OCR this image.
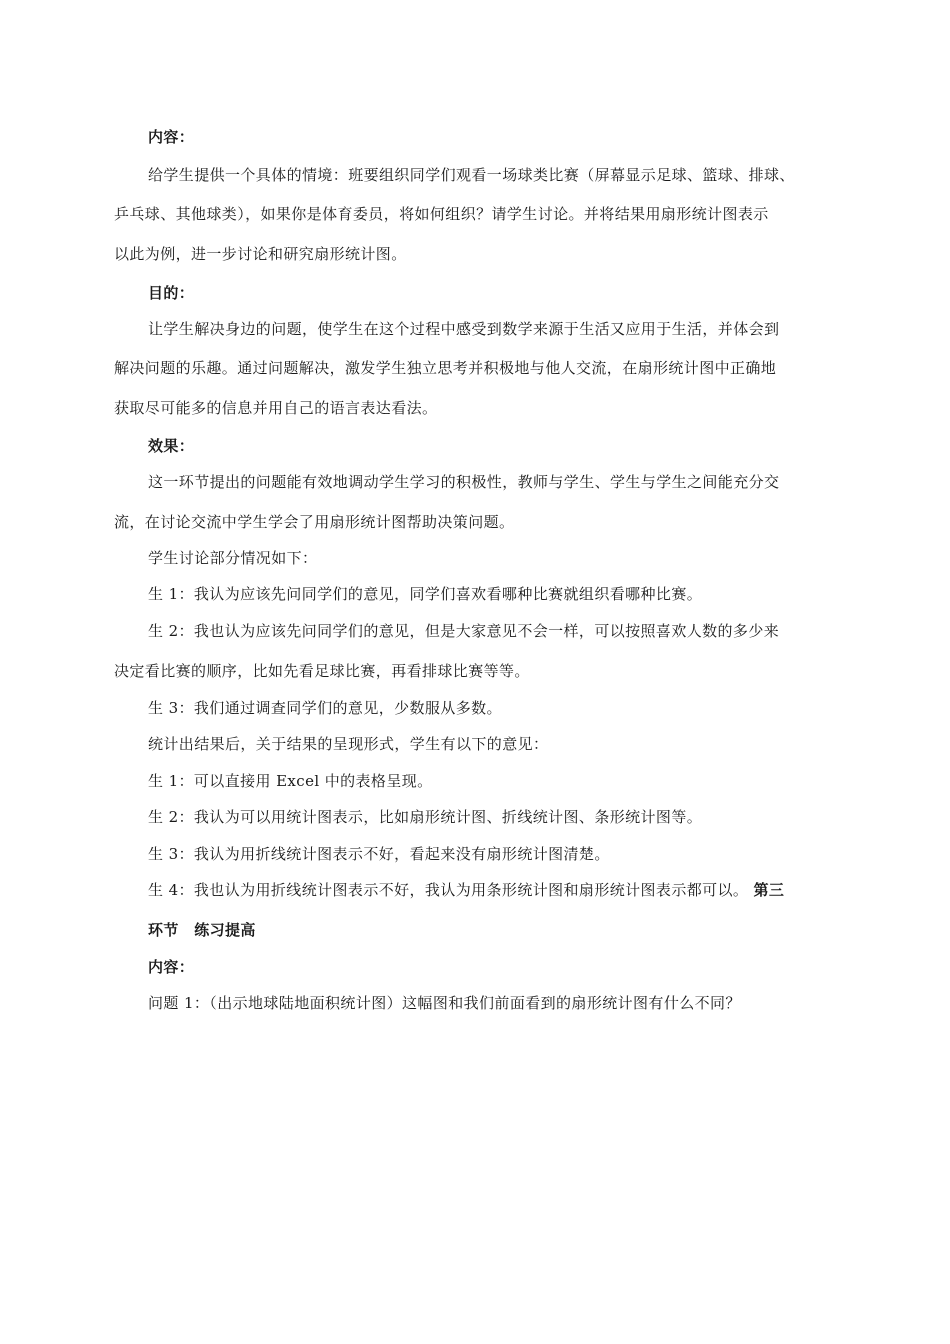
内容：
给学生提供一个具体的情境：班要组织同学们观看一场球类比赛（屏幕显示足球、篮球、排球、
乒乓球、其他球类），如果你是体育委员，将如何组织？请学生讨论。并将结果用扇形统计图表示
以此为例，进一步讨论和研究扇形统计图。
目的：
让学生解决身边的问题，使学生在这个过程中感受到数学来源于生活又应用于生活，并体会到
解决问题的乐趣。通过问题解决，激发学生独立思考并积极地与他人交流，在扇形统计图中正确地
获取尽可能多的信息并用自己的语言表达看法。
效果：
这一环节提出的问题能有效地调动学生学习的积极性，教师与学生、学生与学生之间能充分交
流，在讨论交流中学生学会了用扇形统计图帮助决策问题。
学生讨论部分情况如下：
生 1：我认为应该先问同学们的意见，同学们喜欢看哪种比赛就组织看哪种比赛。
生 2：我也认为应该先问同学们的意见，但是大家意见不会一样，可以按照喜欢人数的多少来
决定看比赛的顺序，比如先看足球比赛，再看排球比赛等等。
生 3：我们通过调查同学们的意见，少数服从多数。
统计出结果后，关于结果的呈现形式，学生有以下的意见：
生 1：可以直接用 Excel 中的表格呈现。
生 2：我认为可以用统计图表示，比如扇形统计图、折线统计图、条形统计图等。
生 3：我认为用折线统计图表示不好，看起来没有扇形统计图清楚。
生 4：我也认为用折线统计图表示不好，我认为用条形统计图和扇形统计图表示都可以。 第三
环节　练习提高
内容：
问题 1：（出示地球陆地面积统计图）这幅图和我们前面看到的扇形统计图有什么不同？
